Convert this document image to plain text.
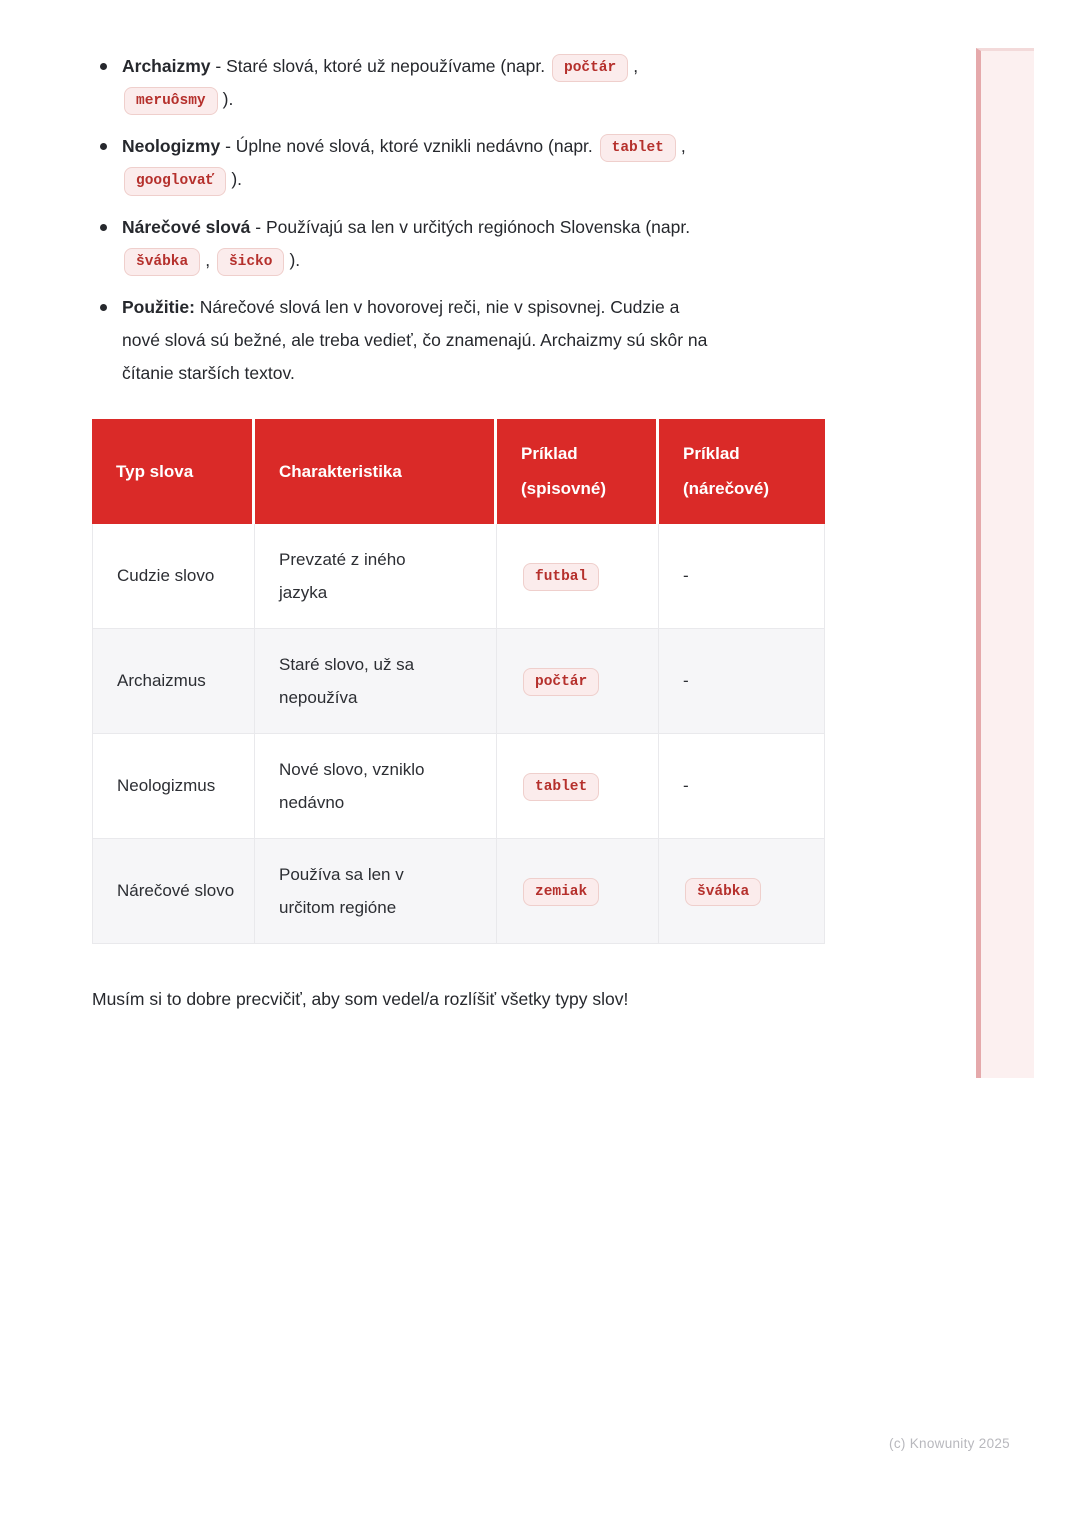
Archaizmy - Staré slová, ktoré už nepoužívame (napr. počtár ,
meruôsmy ).
Neologizmy - Úplne nové slová, ktoré vznikli nedávno (napr. tablet ,
googlovať ).
Nárečové slová - Používajú sa len v určitých regiónoch Slovenska (napr.
švábka , šicko ).
Použitie: Nárečové slová len v hovorovej reči, nie v spisovnej. Cudzie a
nové slová sú bežné, ale treba vedieť, čo znamenajú. Archaizmy sú skôr na
čítanie starších textov.
Typ slova	Charakteristika	Príklad (spisovné)	Príklad (nárečové)
Cudzie slovo	Prevzaté z iného jazyka	futbal	-
Archaizmus	Staré slovo, už sa nepoužíva	počtár	-
Neologizmus	Nové slovo, vzniklo nedávno	tablet	-
Nárečové slovo	Používa sa len v určitom regióne	zemiak	švábka

Musím si to dobre precvičiť, aby som vedel/a rozlíšiť všetky typy slov!

(c) Knowunity 2025
